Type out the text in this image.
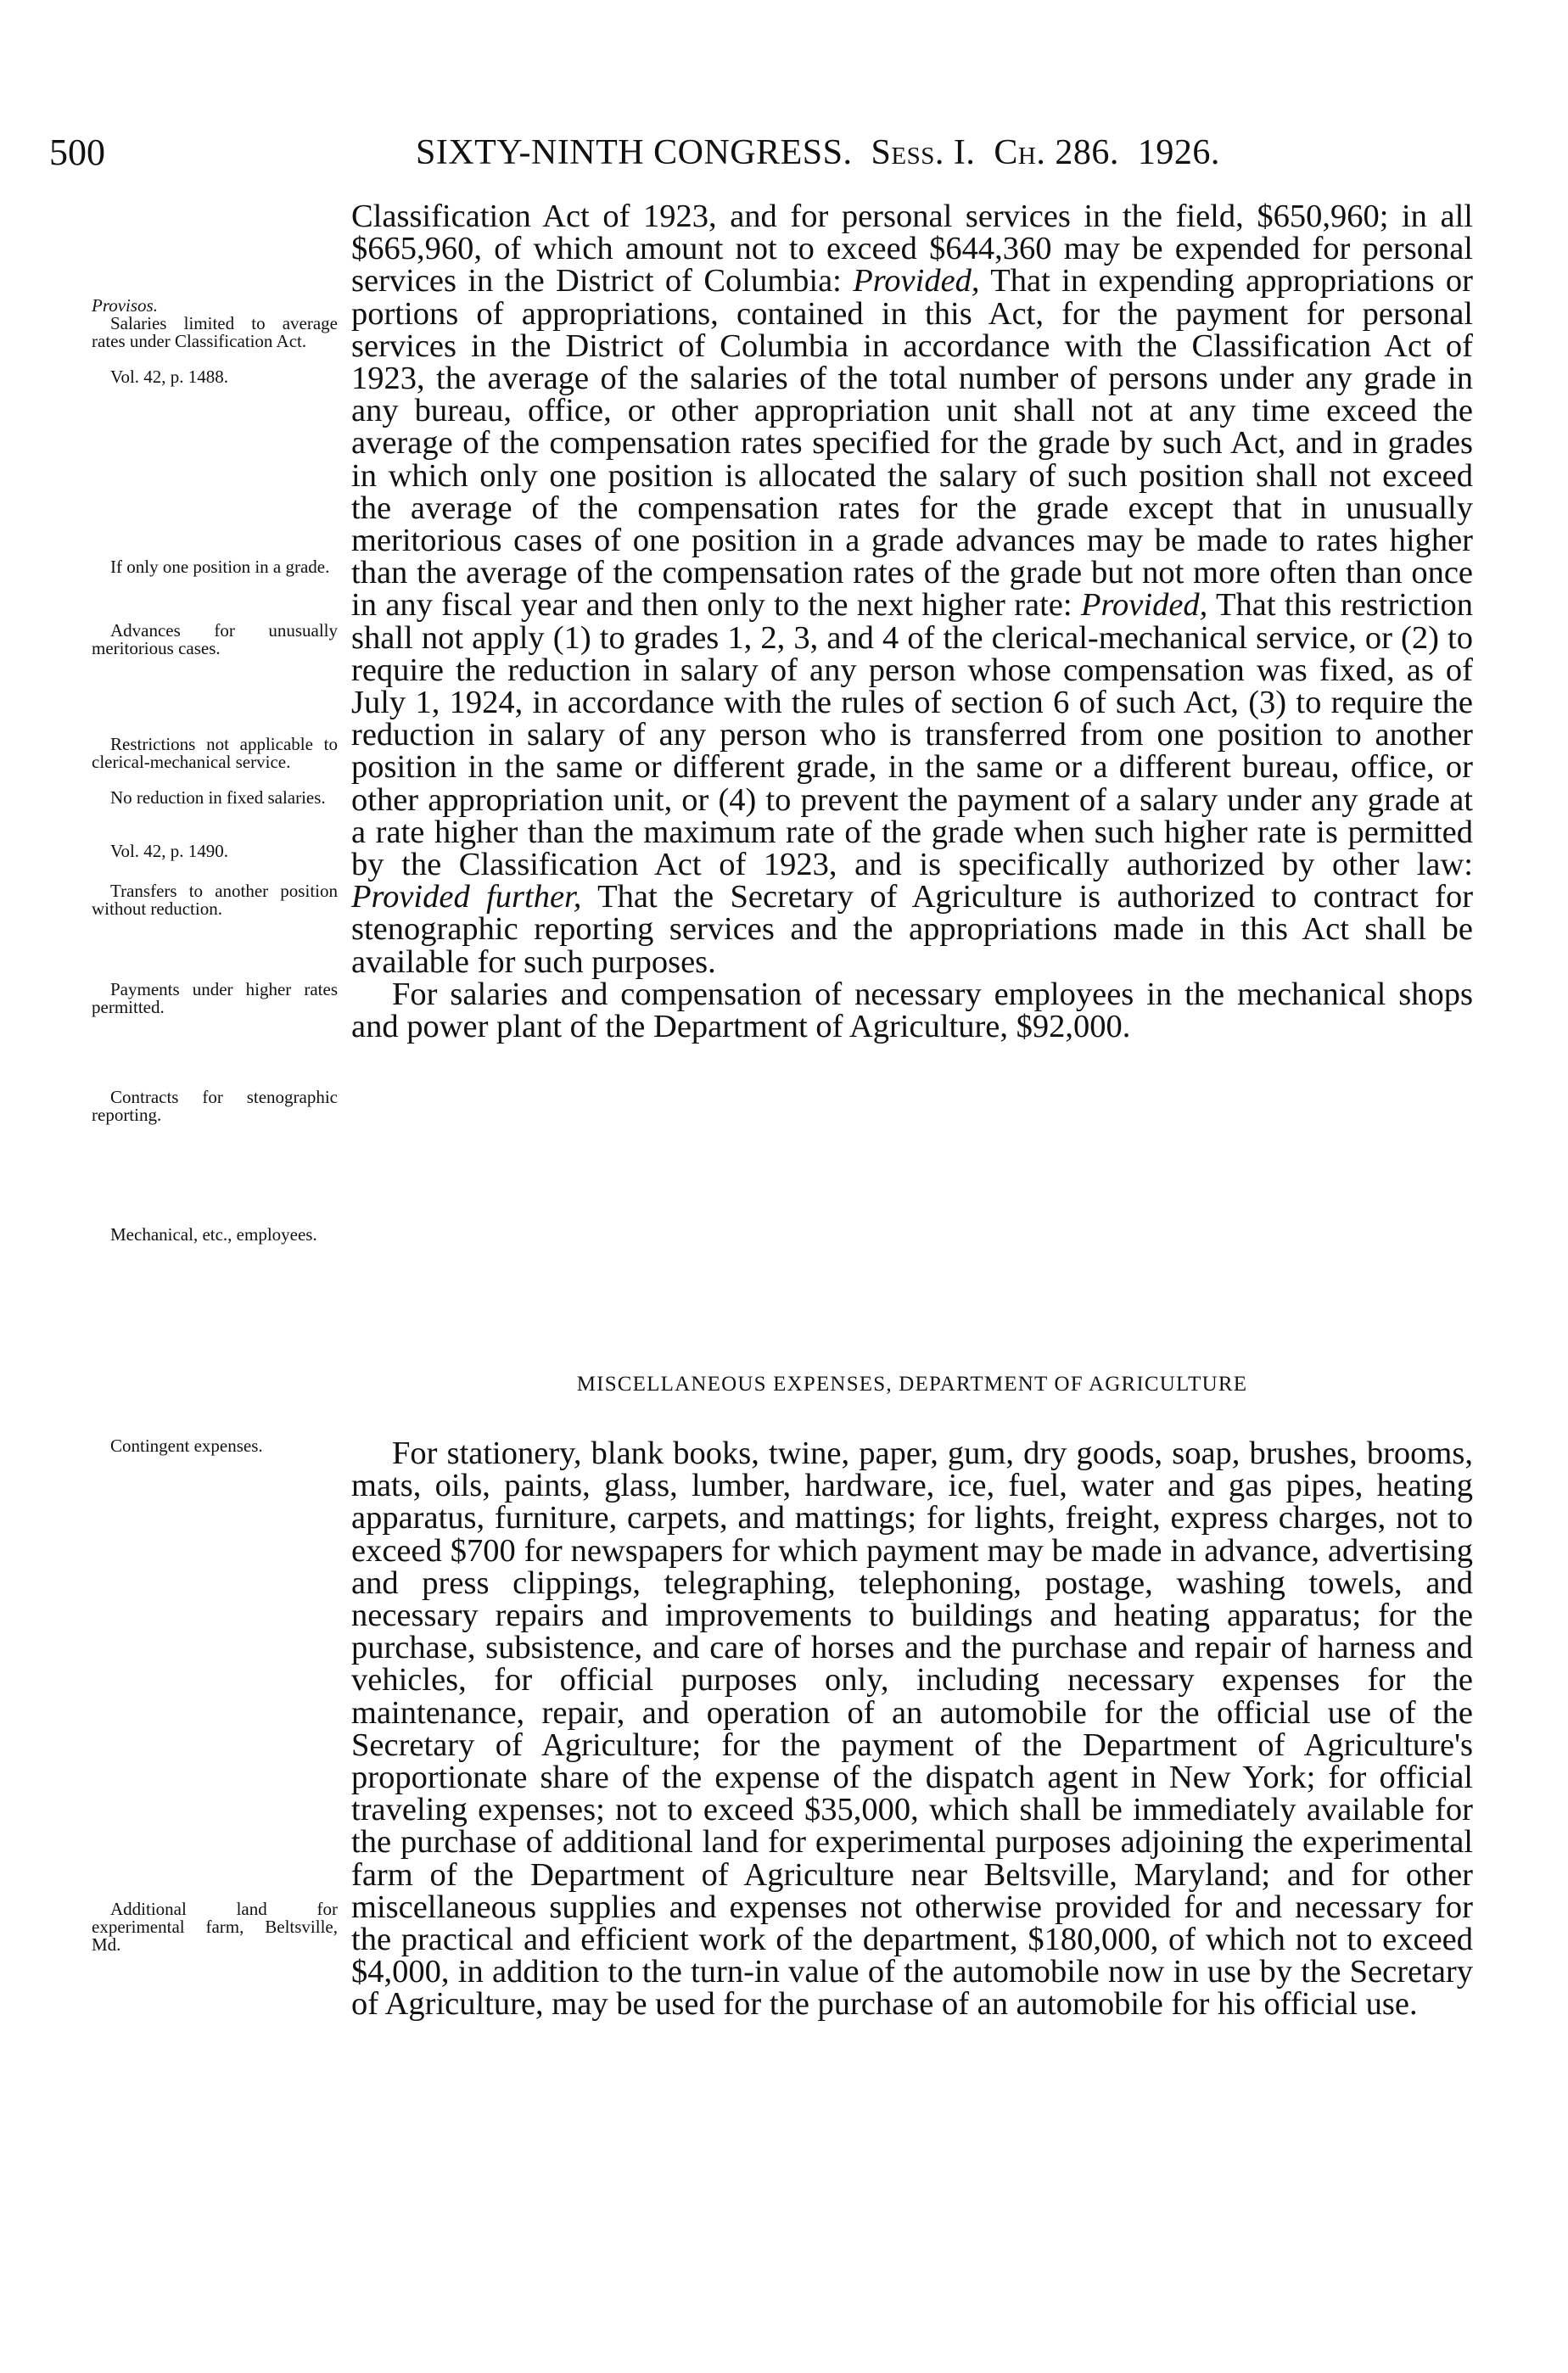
500	SIXTY-NINTH CONGRESS. Sess. I. Ch. 286. 1926.

Classification Act of 1923, and for personal services in the field, $650,960; in all $665,960, of which amount not to exceed $644,360 may be expended for personal services in the District of Columbia: Provided, That in expending appropriations or portions of appropriations, contained in this Act, for the payment for personal services in the District of Columbia in accordance with the Classification Act of 1923, the average of the salaries of the total number of persons under any grade in any bureau, office, or other appropriation unit shall not at any time exceed the average of the compensation rates specified for the grade by such Act, and in grades in which only one position is allocated the salary of such position shall not exceed the average of the compensation rates for the grade except that in unusually meritorious cases of one position in a grade advances may be made to rates higher than the average of the compensation rates of the grade but not more often than once in any fiscal year and then only to the next higher rate: Provided, That this restriction shall not apply (1) to grades 1, 2, 3, and 4 of the clerical-mechanical service, or (2) to require the reduction in salary of any person whose compensation was fixed, as of July 1, 1924, in accordance with the rules of section 6 of such Act, (3) to require the reduction in salary of any person who is transferred from one position to another position in the same or different grade, in the same or a different bureau, office, or other appropriation unit, or (4) to prevent the payment of a salary under any grade at a rate higher than the maximum rate of the grade when such higher rate is permitted by the Classification Act of 1923, and is specifically authorized by other law: Provided further, That the Secretary of Agriculture is authorized to contract for stenographic reporting services and the appropriations made in this Act shall be available for such purposes.

For salaries and compensation of necessary employees in the mechanical shops and power plant of the Department of Agriculture, $92,000.

MISCELLANEOUS EXPENSES, DEPARTMENT OF AGRICULTURE

For stationery, blank books, twine, paper, gum, dry goods, soap, brushes, brooms, mats, oils, paints, glass, lumber, hardware, ice, fuel, water and gas pipes, heating apparatus, furniture, carpets, and mattings; for lights, freight, express charges, not to exceed $700 for newspapers for which payment may be made in advance, advertising and press clippings, telegraphing, telephoning, postage, washing towels, and necessary repairs and improvements to buildings and heating apparatus; for the purchase, subsistence, and care of horses and the purchase and repair of harness and vehicles, for official purposes only, including necessary expenses for the maintenance, repair, and operation of an automobile for the official use of the Secretary of Agriculture; for the payment of the Department of Agriculture's proportionate share of the expense of the dispatch agent in New York; for official traveling expenses; not to exceed $35,000, which shall be immediately available for the purchase of additional land for experimental purposes adjoining the experimental farm of the Department of Agriculture near Beltsville, Maryland; and for other miscellaneous supplies and expenses not otherwise provided for and necessary for the practical and efficient work of the department, $180,000, of which not to exceed $4,000, in addition to the turn-in value of the automobile now in use by the Secretary of Agriculture, may be used for the purchase of an automobile for his official use.

Provisos.
Salaries limited to average rates under Classification Act.
Vol. 42, p. 1488.
If only one position in a grade.
Advances for unusually meritorious cases.
Restrictions not applicable to clerical-mechanical service.
No reduction in fixed salaries.
Vol. 42, p. 1490.
Transfers to another position without reduction.
Payments under higher rates permitted.
Contracts for stenographic reporting.
Mechanical, etc., employees.
Contingent expenses.
Additional land for experimental farm, Beltsville, Md.
